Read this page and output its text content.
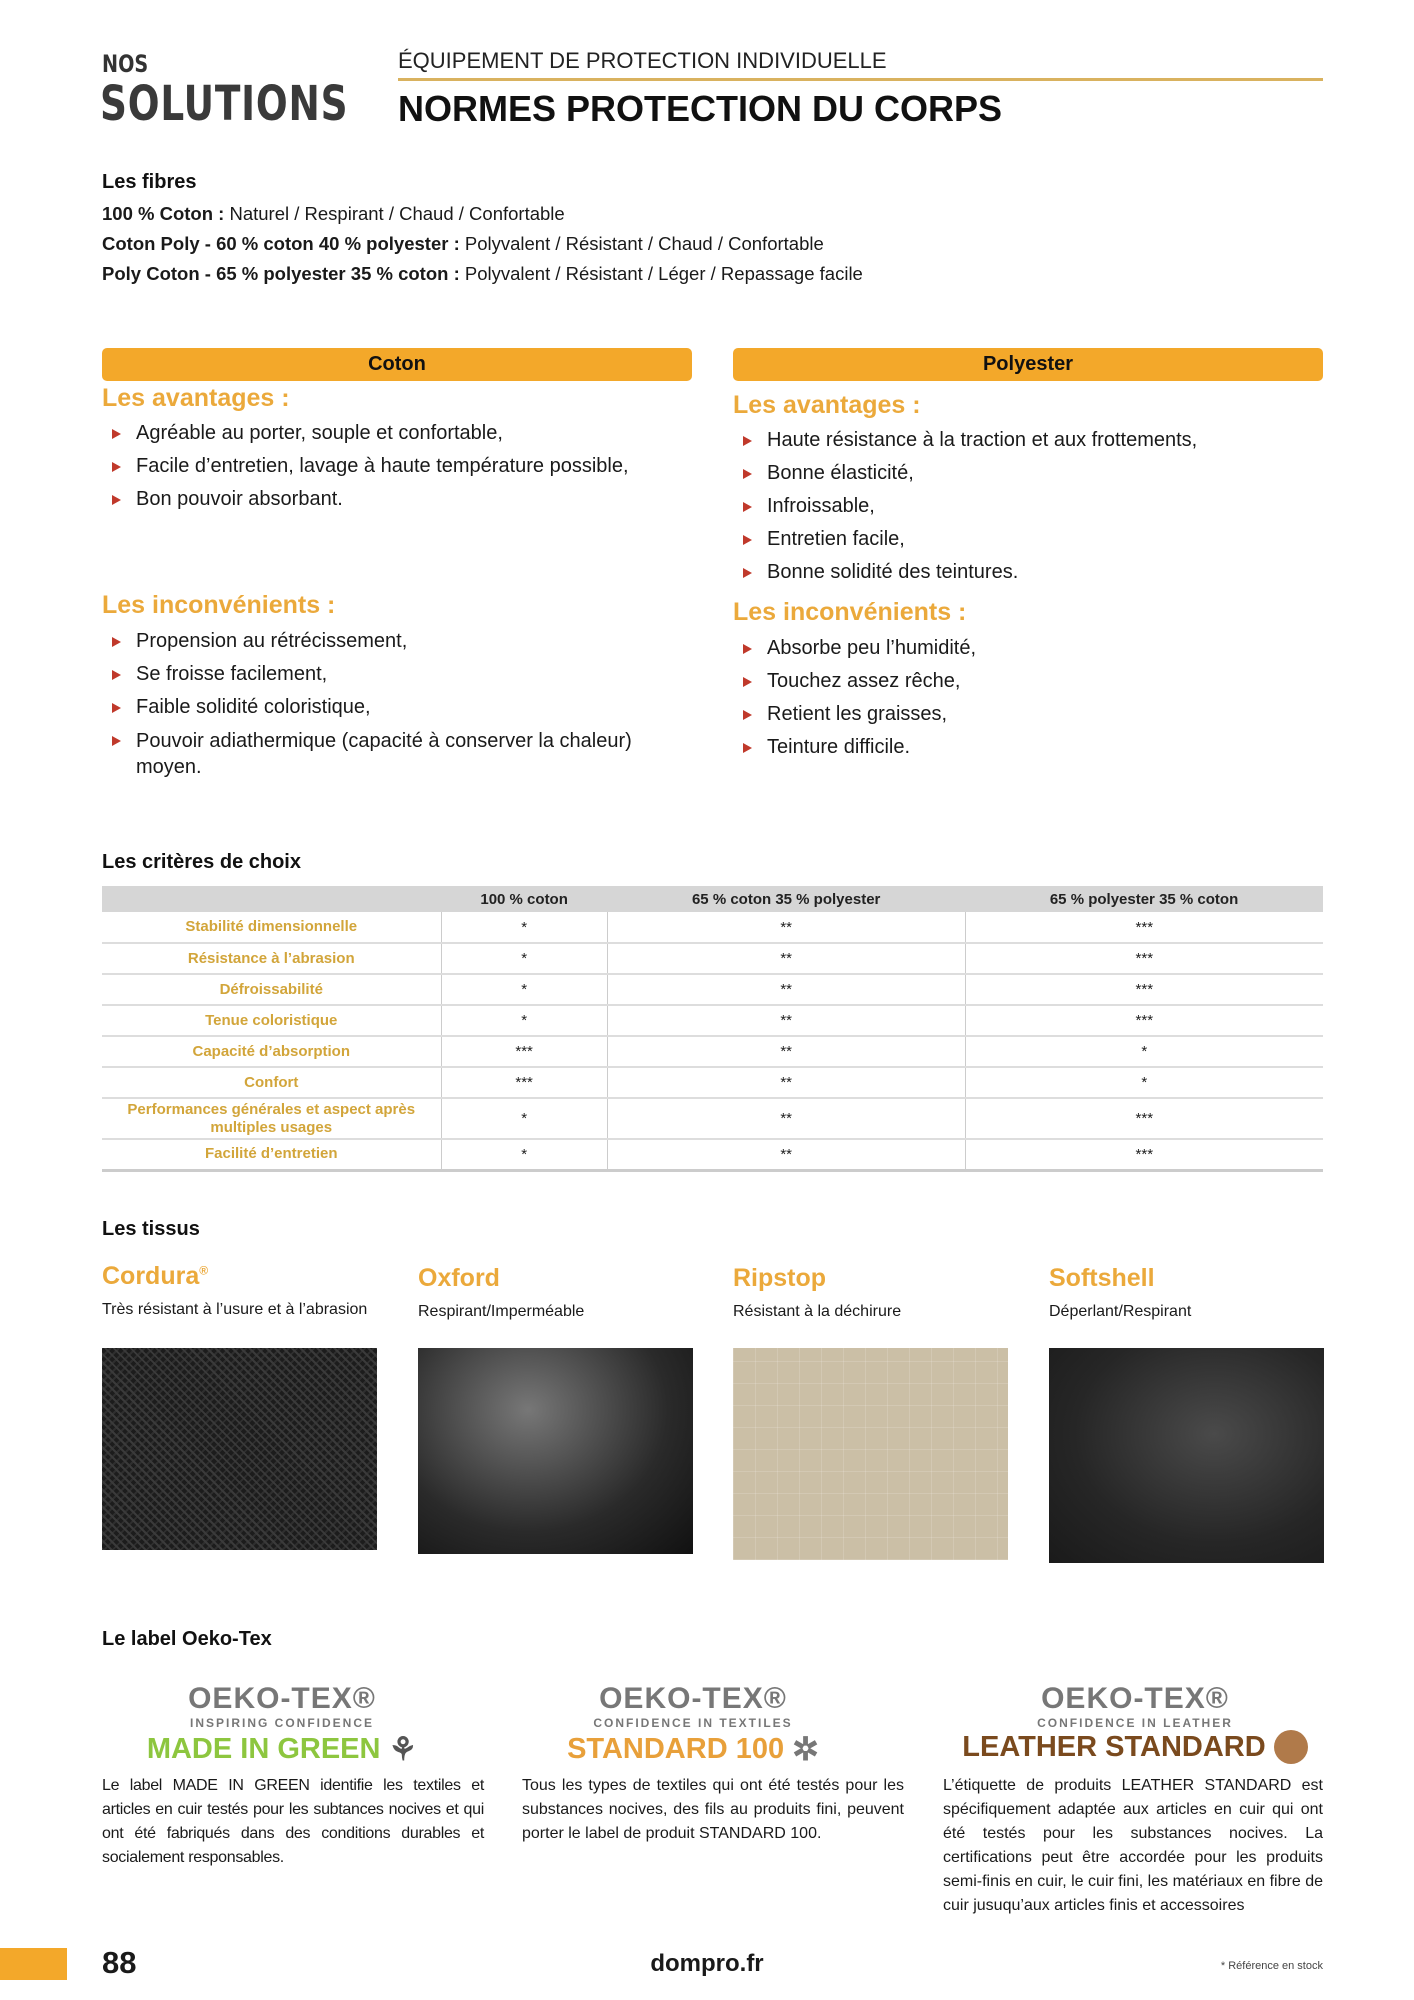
NOS
SOLUTIONS
ÉQUIPEMENT DE PROTECTION INDIVIDUELLE
NORMES PROTECTION DU CORPS
Les fibres
100 % Coton : Naturel / Respirant / Chaud / Confortable
Coton Poly - 60 % coton 40 % polyester : Polyvalent / Résistant / Chaud / Confortable
Poly Coton - 65 % polyester 35 % coton : Polyvalent / Résistant / Léger / Repassage facile
Coton
Les avantages :
Agréable au porter, souple et confortable,
Facile d’entretien, lavage à haute température possible,
Bon pouvoir absorbant.
Les inconvénients :
Propension au rétrécissement,
Se froisse facilement,
Faible solidité coloristique,
Pouvoir adiathermique (capacité à conserver la chaleur) moyen.
Polyester
Les avantages :
Haute résistance à la traction et aux frottements,
Bonne élasticité,
Infroissable,
Entretien facile,
Bonne solidité des teintures.
Les inconvénients :
Absorbe peu l’humidité,
Touchez assez rêche,
Retient les graisses,
Teinture difficile.
Les critères de choix
	100 % coton	65 % coton 35 % polyester	65 % polyester 35 % coton
Stabilité dimensionnelle	*	**	***
Résistance à l’abrasion	*	**	***
Défroissabilité	*	**	***
Tenue coloristique	*	**	***
Capacité d’absorption	***	**	*
Confort	***	**	*
Performances générales et aspect après multiples usages	*	**	***
Facilité d’entretien	*	**	***
Les tissus
Cordura®
Très résistant à l’usure et à l’abrasion
Oxford
Respirant/Imperméable
Ripstop
Résistant à la déchirure
Softshell
Déperlant/Respirant
Le label Oeko-Tex
OEKO-TEX®
INSPIRING CONFIDENCE
MADE IN GREEN ⚘
OEKO-TEX®
CONFIDENCE IN TEXTILES
STANDARD 100 ✲
OEKO-TEX®
CONFIDENCE IN LEATHER
LEATHER STANDARD
Le label MADE IN GREEN identifie les textiles et articles en cuir testés pour les subtances nocives et qui ont été fabriqués dans des conditions durables et socialement responsables.
Tous les types de textiles qui ont été testés pour les substances nocives, des fils au produits fini, peuvent porter le label de produit STANDARD 100.
L’étiquette de produits LEATHER STANDARD est spécifiquement adaptée aux articles en cuir qui ont été testés pour les substances nocives. La certifications peut être accordée pour les produits semi-finis en cuir, le cuir fini, les matériaux en fibre de cuir jusuqu’aux articles finis et accessoires
88	dompro.fr	* Référence en stock
